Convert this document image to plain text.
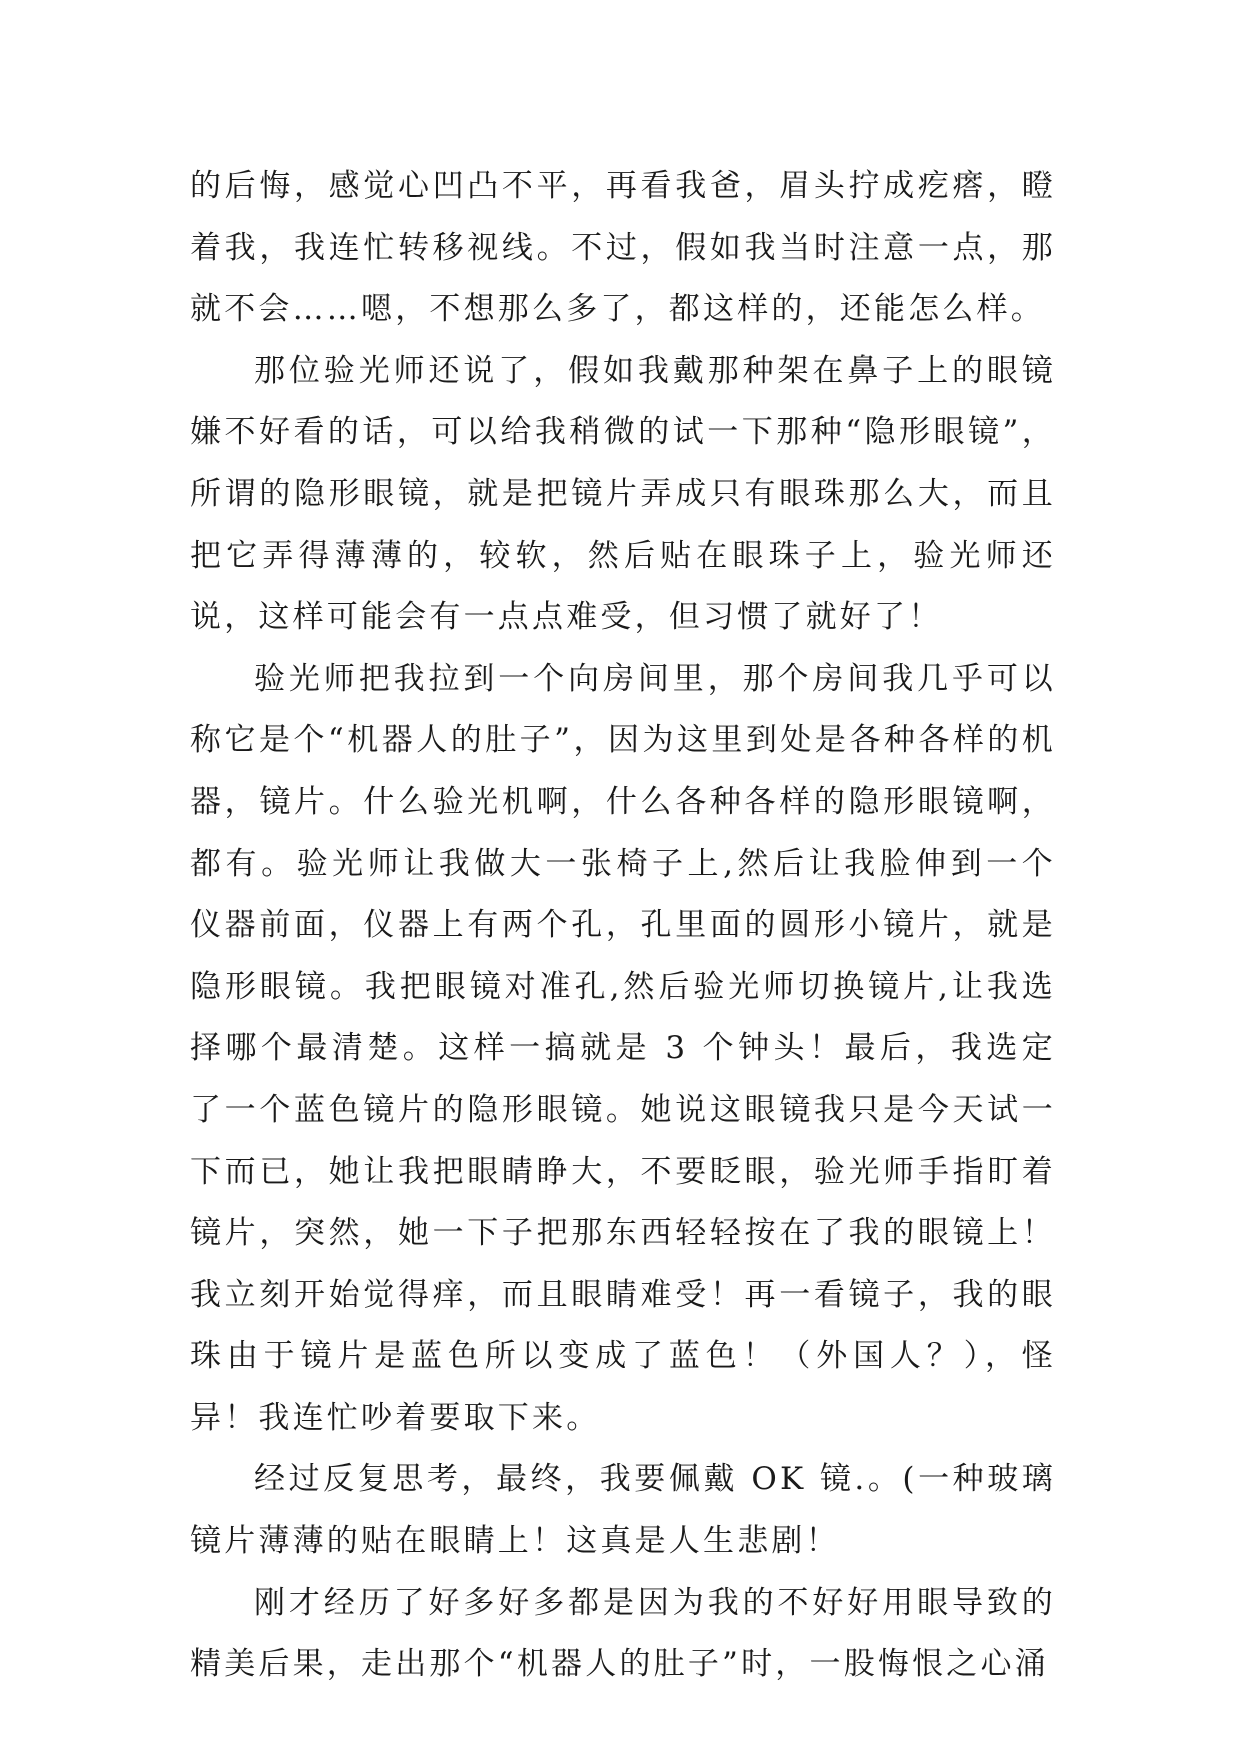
的后悔，感觉心凹凸不平，再看我爸，眉头拧成疙瘩，瞪着我，我连忙转移视线。不过，假如我当时注意一点，那就不会……嗯，不想那么多了，都这样的，还能怎么样。

那位验光师还说了，假如我戴那种架在鼻子上的眼镜嫌不好看的话，可以给我稍微的试一下那种“隐形眼镜”，所谓的隐形眼镜，就是把镜片弄成只有眼珠那么大，而且把它弄得薄薄的，较软，然后贴在眼珠子上，验光师还说，这样可能会有一点点难受，但习惯了就好了！

验光师把我拉到一个向房间里，那个房间我几乎可以称它是个“机器人的肚子”，因为这里到处是各种各样的机器，镜片。什么验光机啊，什么各种各样的隐形眼镜啊，都有。验光师让我做大一张椅子上,然后让我脸伸到一个仪器前面，仪器上有两个孔，孔里面的圆形小镜片，就是隐形眼镜。我把眼镜对准孔,然后验光师切换镜片,让我选择哪个最清楚。这样一搞就是 3 个钟头！最后，我选定了一个蓝色镜片的隐形眼镜。她说这眼镜我只是今天试一下而已，她让我把眼睛睁大，不要眨眼，验光师手指盯着镜片，突然，她一下子把那东西轻轻按在了我的眼镜上！我立刻开始觉得痒，而且眼睛难受！再一看镜子，我的眼珠由于镜片是蓝色所以变成了蓝色！（外国人？），怪异！我连忙吵着要取下来。

经过反复思考，最终，我要佩戴 OK 镜.。(一种玻璃镜片薄薄的贴在眼睛上！这真是人生悲剧！

刚才经历了好多好多都是因为我的不好好用眼导致的精美后果，走出那个“机器人的肚子”时，一股悔恨之心涌
